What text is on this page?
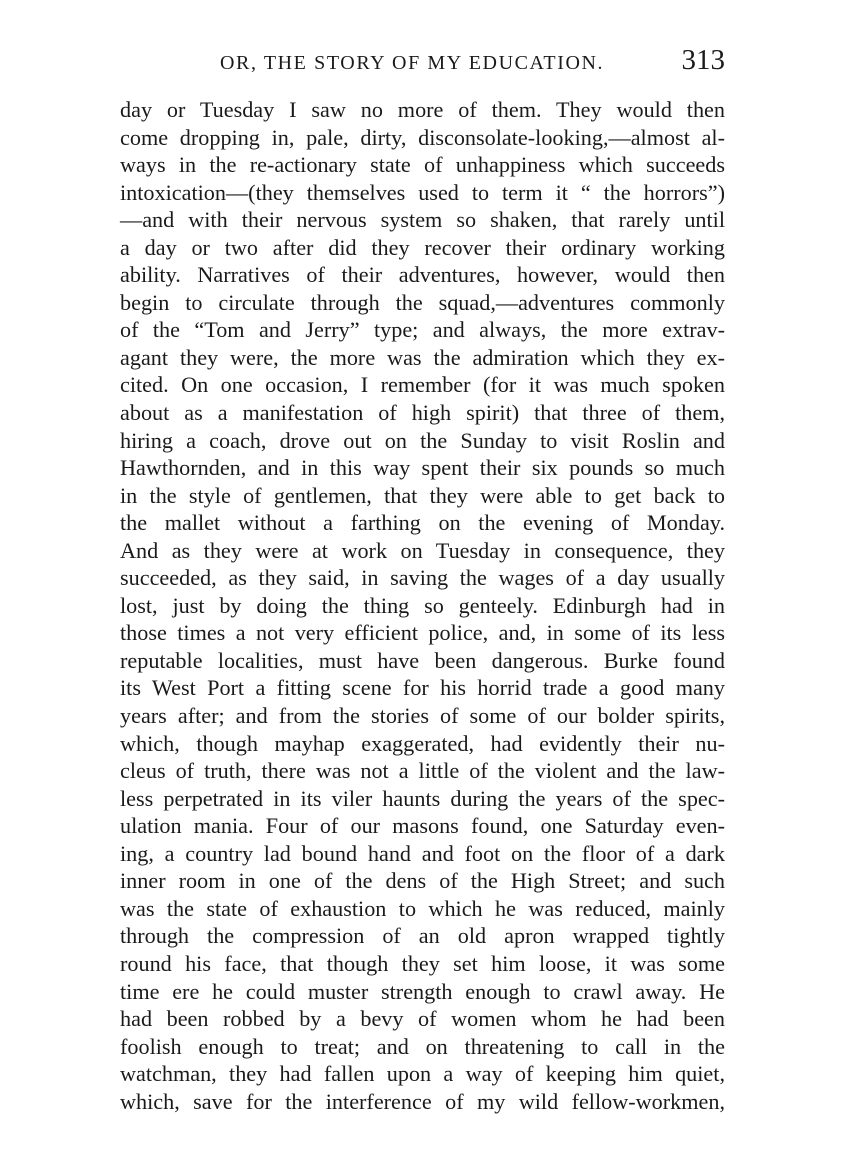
OR, THE STORY OF MY EDUCATION.	313
day or Tuesday I saw no more of them. They would then
come dropping in, pale, dirty, disconsolate-looking,—almost al-
ways in the re-actionary state of unhappiness which succeeds
intoxication—(they themselves used to term it “ the horrors”)
—and with their nervous system so shaken, that rarely until
a day or two after did they recover their ordinary working
ability. Narratives of their adventures, however, would then
begin to circulate through the squad,—adventures commonly
of the “Tom and Jerry” type; and always, the more extrav-
agant they were, the more was the admiration which they ex-
cited. On one occasion, I remember (for it was much spoken
about as a manifestation of high spirit) that three of them,
hiring a coach, drove out on the Sunday to visit Roslin and
Hawthornden, and in this way spent their six pounds so much
in the style of gentlemen, that they were able to get back to
the mallet without a farthing on the evening of Monday.
And as they were at work on Tuesday in consequence, they
succeeded, as they said, in saving the wages of a day usually
lost, just by doing the thing so genteely. Edinburgh had in
those times a not very efficient police, and, in some of its less
reputable localities, must have been dangerous. Burke found
its West Port a fitting scene for his horrid trade a good many
years after; and from the stories of some of our bolder spirits,
which, though mayhap exaggerated, had evidently their nu-
cleus of truth, there was not a little of the violent and the law-
less perpetrated in its viler haunts during the years of the spec-
ulation mania. Four of our masons found, one Saturday even-
ing, a country lad bound hand and foot on the floor of a dark
inner room in one of the dens of the High Street; and such
was the state of exhaustion to which he was reduced, mainly
through the compression of an old apron wrapped tightly
round his face, that though they set him loose, it was some
time ere he could muster strength enough to crawl away. He
had been robbed by a bevy of women whom he had been
foolish enough to treat; and on threatening to call in the
watchman, they had fallen upon a way of keeping him quiet,
which, save for the interference of my wild fellow-workmen,
